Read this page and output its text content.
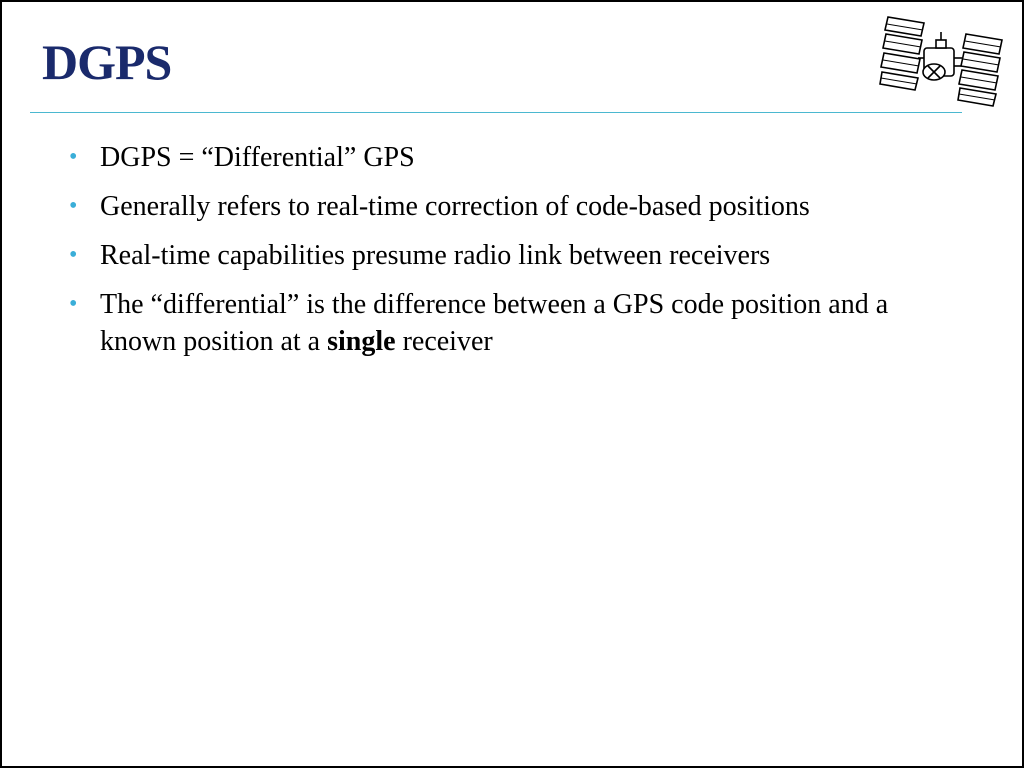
DGPS
• DGPS = “Differential” GPS
• Generally refers to real-time correction of code-based positions
• Real-time capabilities presume radio link between receivers
• The “differential” is the difference between a GPS code position and a known position at a single receiver
